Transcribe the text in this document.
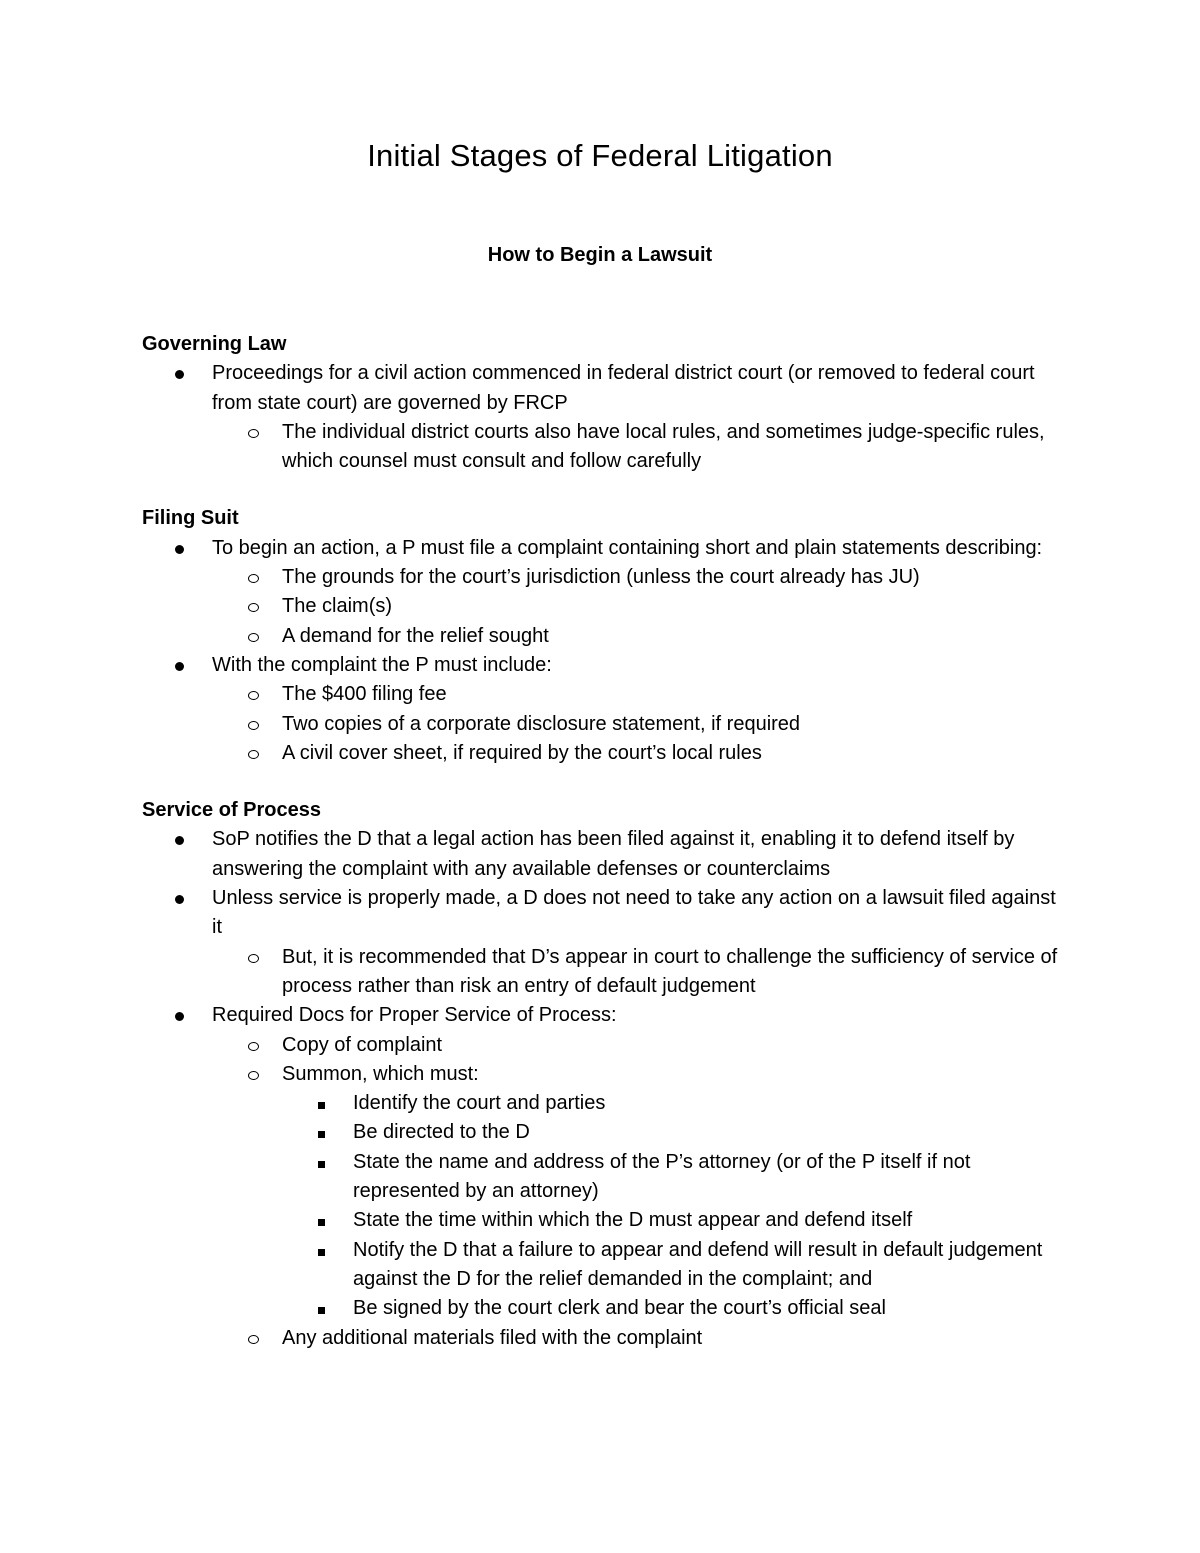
Initial Stages of Federal Litigation
How to Begin a Lawsuit

Governing Law

Proceedings for a civil action commenced in federal district court (or removed to federal court from state court) are governed by FRCP
The individual district courts also have local rules, and sometimes judge-specific rules, which counsel must consult and follow carefully

Filing Suit

To begin an action, a P must file a complaint containing short and plain statements describing:
The grounds for the court’s jurisdiction (unless the court already has JU)
The claim(s)
A demand for the relief sought
With the complaint the P must include:
The $400 filing fee
Two copies of a corporate disclosure statement, if required
A civil cover sheet, if required by the court’s local rules

Service of Process

SoP notifies the D that a legal action has been filed against it, enabling it to defend itself by answering the complaint with any available defenses or counterclaims
Unless service is properly made, a D does not need to take any action on a lawsuit filed against it
But, it is recommended that D’s appear in court to challenge the sufficiency of service of process rather than risk an entry of default judgement
Required Docs for Proper Service of Process:
Copy of complaint
Summon, which must:
Identify the court and parties
Be directed to the D
State the name and address of the P’s attorney (or of the P itself if not represented by an attorney)
State the time within which the D must appear and defend itself
Notify the D that a failure to appear and defend will result in default judgement against the D for the relief demanded in the complaint; and
Be signed by the court clerk and bear the court’s official seal
Any additional materials filed with the complaint
